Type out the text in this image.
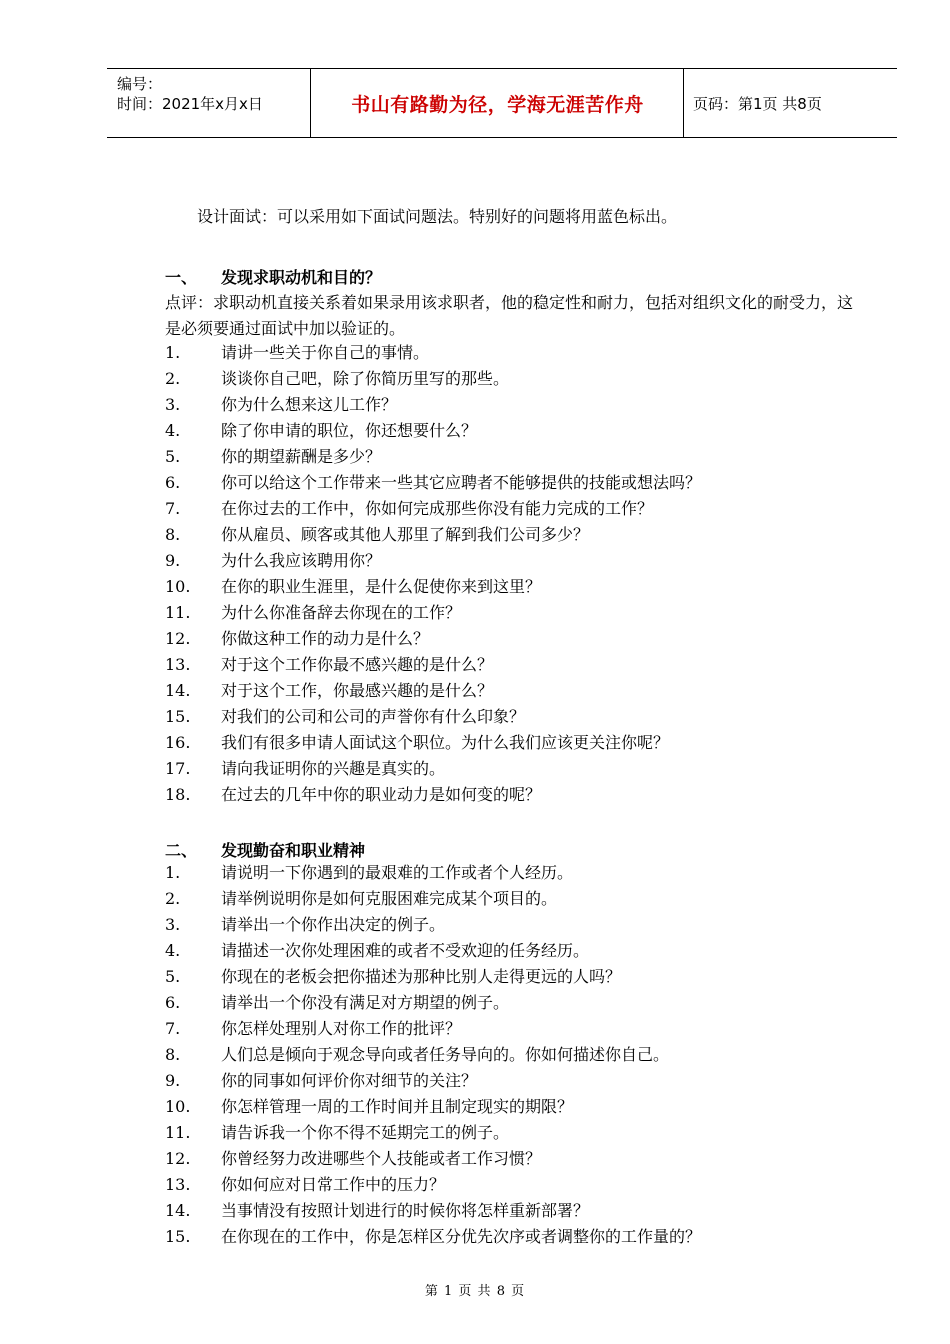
编号：
时间：2021年x月x日	书山有路勤为径，学海无涯苦作舟	页码：第1页 共8页
设计面试：可以采用如下面试问题法。特别好的问题将用蓝色标出。
一、	发现求职动机和目的？
点评：求职动机直接关系着如果录用该求职者，他的稳定性和耐力，包括对组织文化的耐受力，这是必须要通过面试中加以验证的。
1.	请讲一些关于你自己的事情。
2.	谈谈你自己吧，除了你简历里写的那些。
3.	你为什么想来这儿工作？
4.	除了你申请的职位，你还想要什么？
5.	你的期望薪酬是多少？
6.	你可以给这个工作带来一些其它应聘者不能够提供的技能或想法吗？
7.	在你过去的工作中，你如何完成那些你没有能力完成的工作？
8.	你从雇员、顾客或其他人那里了解到我们公司多少？
9.	为什么我应该聘用你？
10.	在你的职业生涯里，是什么促使你来到这里？
11.	为什么你准备辞去你现在的工作？
12.	你做这种工作的动力是什么？
13.	对于这个工作你最不感兴趣的是什么？
14.	对于这个工作，你最感兴趣的是什么？
15.	对我们的公司和公司的声誉你有什么印象？
16.	我们有很多申请人面试这个职位。为什么我们应该更关注你呢？
17.	请向我证明你的兴趣是真实的。
18.	在过去的几年中你的职业动力是如何变的呢？
二、	发现勤奋和职业精神
1.	请说明一下你遇到的最艰难的工作或者个人经历。
2.	请举例说明你是如何克服困难完成某个项目的。
3.	请举出一个你作出决定的例子。
4.	请描述一次你处理困难的或者不受欢迎的任务经历。
5.	你现在的老板会把你描述为那种比别人走得更远的人吗？
6.	请举出一个你没有满足对方期望的例子。
7.	你怎样处理别人对你工作的批评？
8.	人们总是倾向于观念导向或者任务导向的。你如何描述你自己。
9.	你的同事如何评价你对细节的关注？
10.	你怎样管理一周的工作时间并且制定现实的期限？
11.	请告诉我一个你不得不延期完工的例子。
12.	你曾经努力改进哪些个人技能或者工作习惯？
13.	你如何应对日常工作中的压力？
14.	当事情没有按照计划进行的时候你将怎样重新部署？
15.	在你现在的工作中，你是怎样区分优先次序或者调整你的工作量的？
第 1 页 共 8 页
